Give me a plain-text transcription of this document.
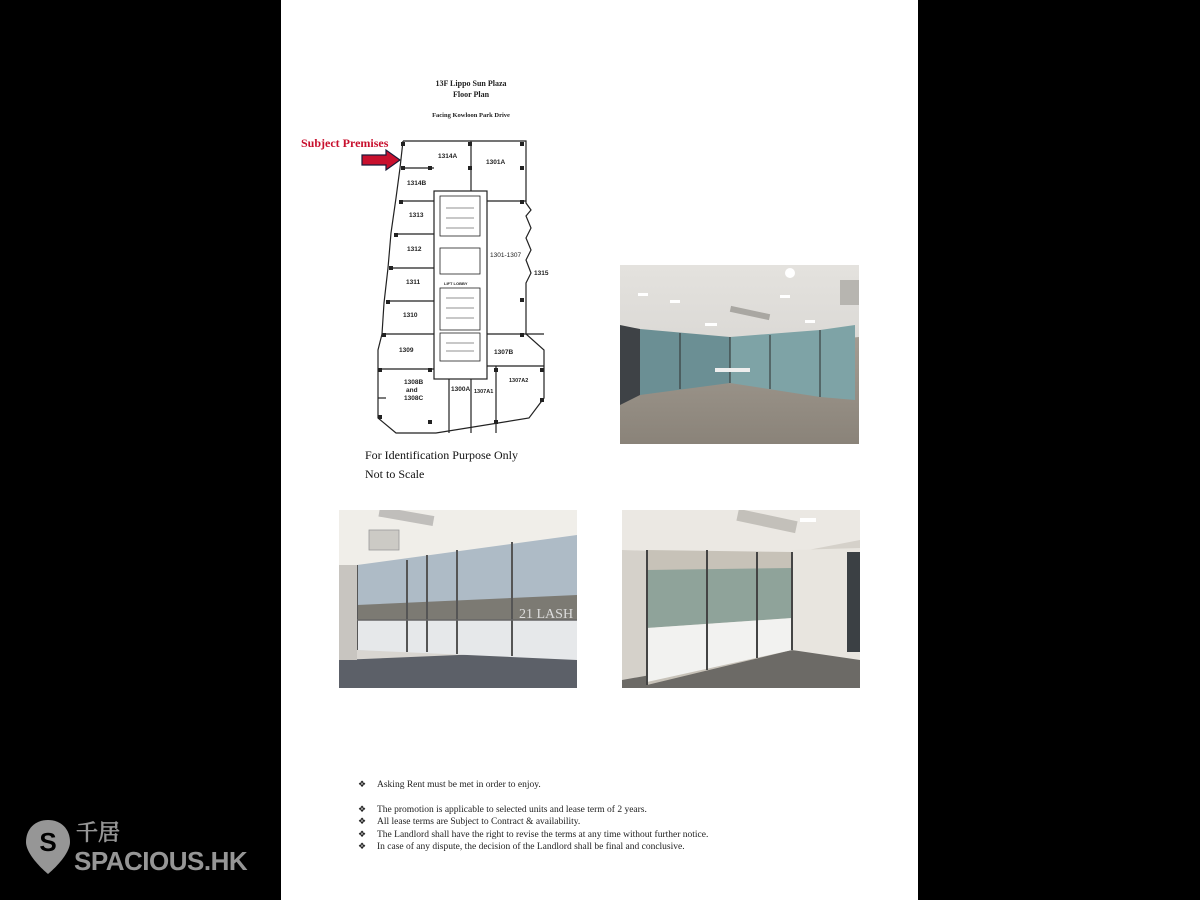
13F Lippo Sun Plaza
Floor Plan
Facing Kowloon Park Drive
Subject Premises
1314A
1301A
1314B
1313
1312
1311
1310
1309
1308B
and
1308C
1300A 1307A1
1307A2
1307B
1315
1301-1307
LIFT LOBBY
For Identification Purpose Only
Not to Scale
21 LASH
❖	Asking Rent must be met in order to enjoy.
❖	The promotion is applicable to selected units and lease term of 2 years.
❖	All lease terms are Subject to Contract & availability.
❖	The Landlord shall have the right to revise the terms at any time without further notice.
❖	In case of any dispute, the decision of the Landlord shall be final and conclusive.
S 千居
SPACIOUS.HK
